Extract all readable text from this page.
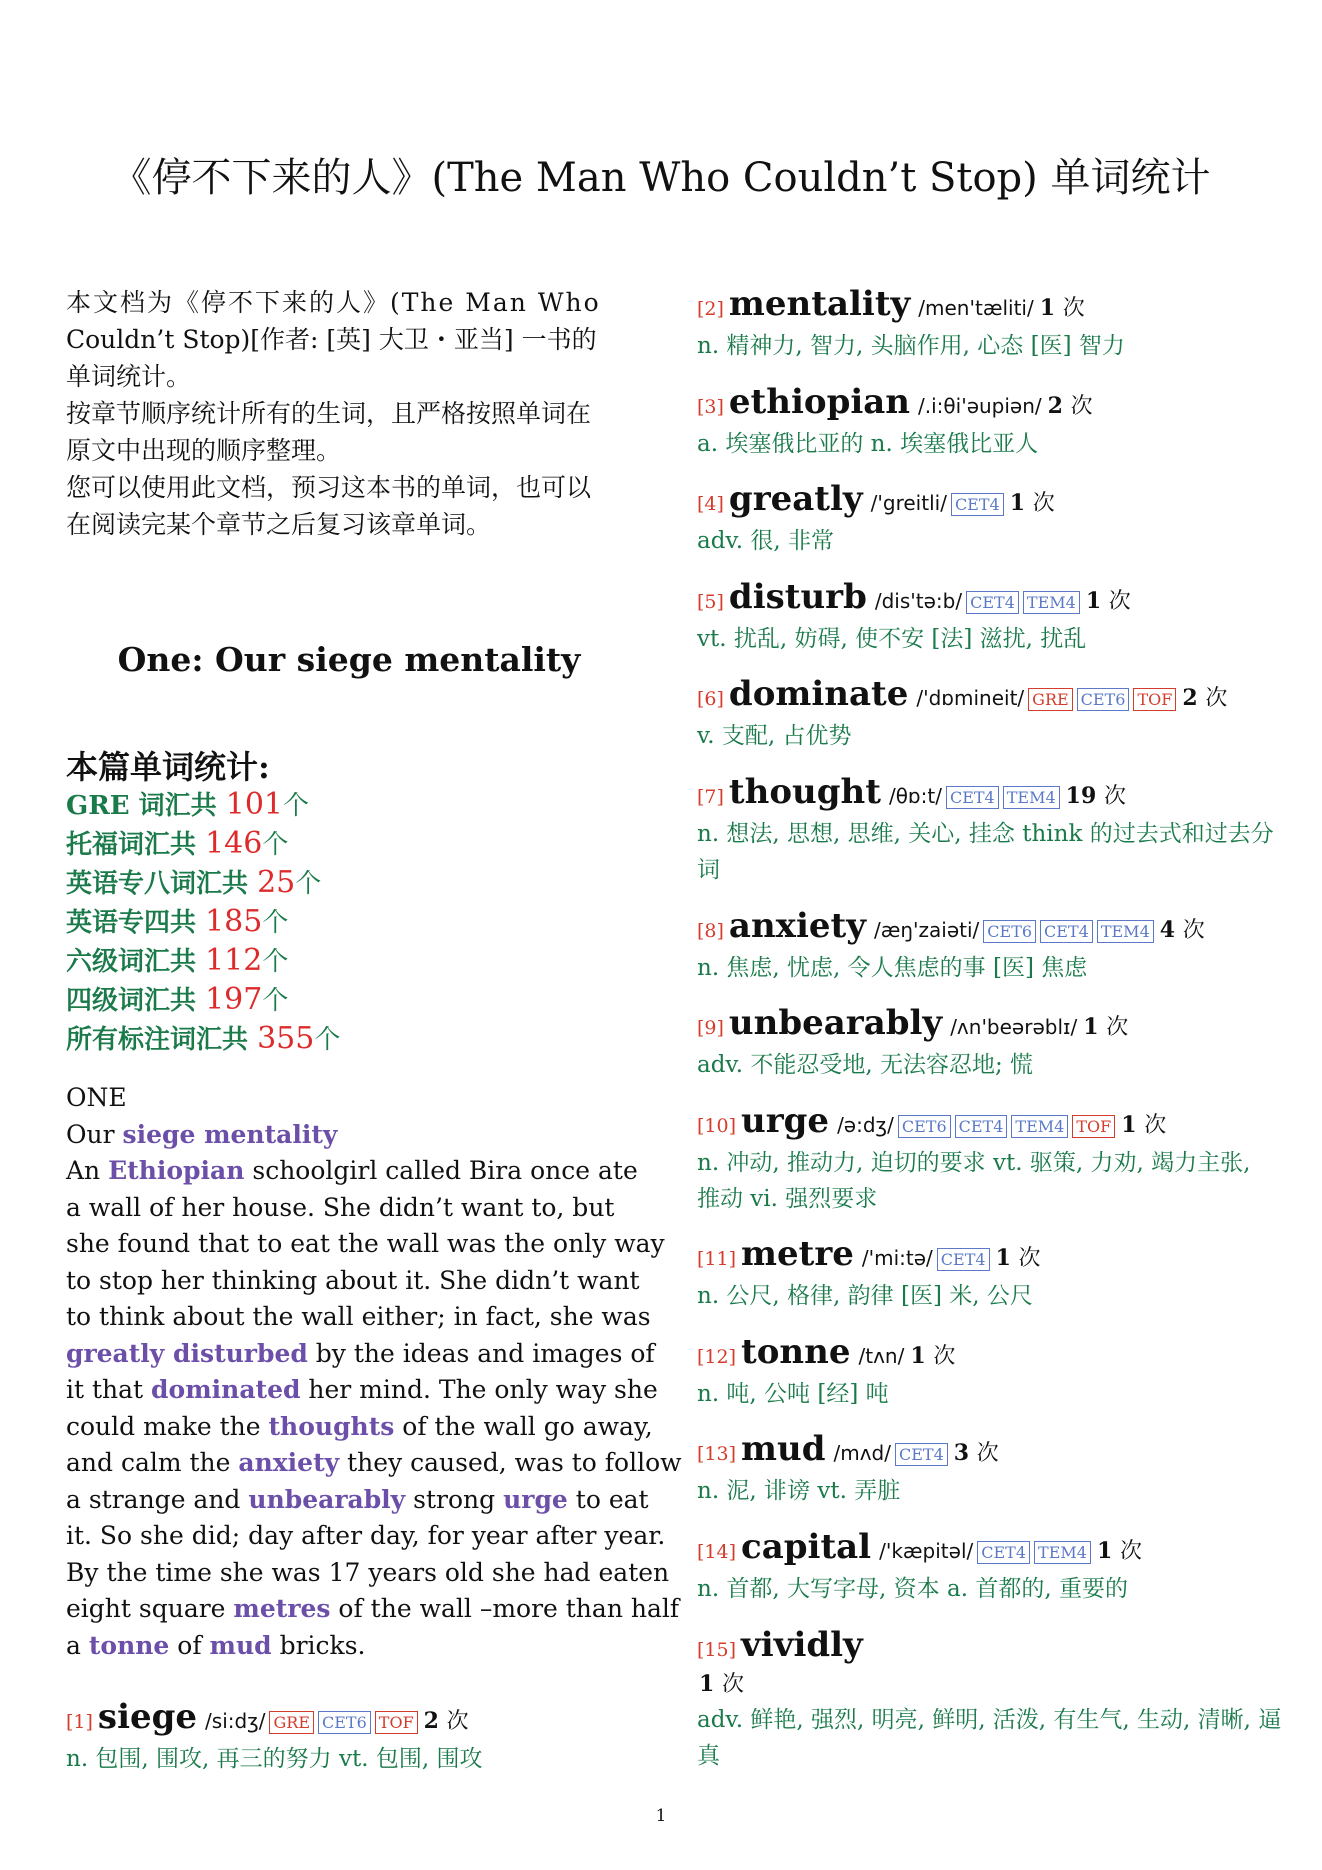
《停不下来的人》(The Man Who Couldn’t Stop) 单词统计

本文档为《停不下来的人》(The Man Who

Couldn’t Stop)[作者: [英] 大卫・亚当] 一书的

单词统计。

按章节顺序统计所有的生词，且严格按照单词在

原文中出现的顺序整理。

您可以使用此文档，预习这本书的单词，也可以

在阅读完某个章节之后复习该章单词。

One: Our siege mentality
本篇单词统计:
GRE 词汇共 101个
托福词汇共 146个
英语专八词汇共 25个
英语专四共 185个
六级词汇共 112个
四级词汇共 197个
所有标注词汇共 355个
ONE
Our siege mentality
An Ethiopian schoolgirl called Bira once ate
a wall of her house. She didn’t want to, but
she found that to eat the wall was the only way
to stop her thinking about it. She didn’t want
to think about the wall either; in fact, she was
greatly disturbed by the ideas and images of
it that dominated her mind. The only way she
could make the thoughts of the wall go away,
and calm the anxiety they caused, was to follow
a strange and unbearably strong urge to eat
it. So she did; day after day, for year after year.
By the time she was 17 years old she had eaten
eight square metres of the wall –more than half
a tonne of mud bricks.
[1] siege /si:dʒ/ GRE CET6 TOF 2 次
n. 包围, 围攻, 再三的努力 vt. 包围, 围攻
[2] mentality /men'tæliti/ 1 次
n. 精神力, 智力, 头脑作用, 心态 [医] 智力
[3] ethiopian /.i:θi'əupiən/ 2 次
a. 埃塞俄比亚的 n. 埃塞俄比亚人
[4] greatly /'greitli/ CET4 1 次
adv. 很, 非常
[5] disturb /dis'tə:b/ CET4 TEM4 1 次
vt. 扰乱, 妨碍, 使不安 [法] 滋扰, 扰乱
[6] dominate /'dɒmineit/ GRE CET6 TOF 2 次
v. 支配, 占优势
[7] thought /θɒ:t/ CET4 TEM4 19 次
n. 想法, 思想, 思维, 关心, 挂念 think 的过去式和过去分
词
[8] anxiety /æŋ'zaiəti/ CET6 CET4 TEM4 4 次
n. 焦虑, 忧虑, 令人焦虑的事 [医] 焦虑
[9] unbearably /ʌn'beərəblɪ/ 1 次
adv. 不能忍受地, 无法容忍地; 慌
[10] urge /ə:dʒ/ CET6 CET4 TEM4 TOF 1 次
n. 冲动, 推动力, 迫切的要求 vt. 驱策, 力劝, 竭力主张,
推动 vi. 强烈要求
[11] metre /'mi:tə/ CET4 1 次
n. 公尺, 格律, 韵律 [医] 米, 公尺
[12] tonne /tʌn/ 1 次
n. 吨, 公吨 [经] 吨
[13] mud /mʌd/ CET4 3 次
n. 泥, 诽谤 vt. 弄脏
[14] capital /'kæpitəl/ CET4 TEM4 1 次
n. 首都, 大写字母, 资本 a. 首都的, 重要的
[15] vividly
1 次
adv. 鲜艳, 强烈, 明亮, 鲜明, 活泼, 有生气, 生动, 清晰, 逼
真
1
